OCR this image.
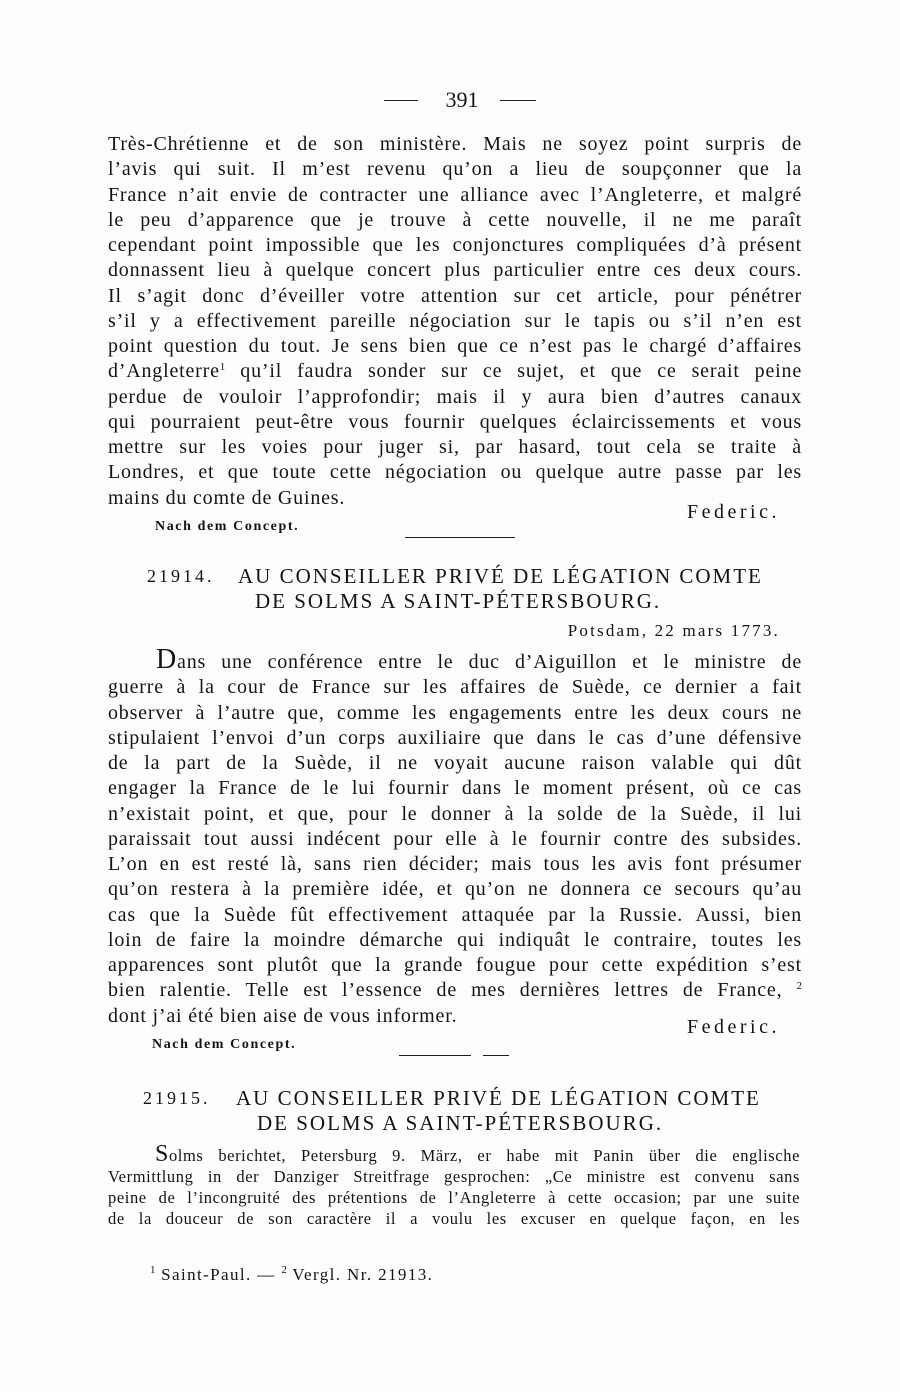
391
Très-Chrétienne et de son ministère. Mais ne soyez point surpris de
l’avis qui suit. Il m’est revenu qu’on a lieu de soupçonner que la
France n’ait envie de contracter une alliance avec l’Angleterre, et malgré
le peu d’apparence que je trouve à cette nouvelle, il ne me paraît
cependant point impossible que les conjonctures compliquées d’à présent
donnassent lieu à quelque concert plus particulier entre ces deux cours.
Il s’agit donc d’éveiller votre attention sur cet article, pour pénétrer
s’il y a effectivement pareille négociation sur le tapis ou s’il n’en est
point question du tout. Je sens bien que ce n’est pas le chargé d’affaires
d’Angleterre$^1$ qu’il faudra sonder sur ce sujet, et que ce serait peine
perdue de vouloir l’approfondir; mais il y aura bien d’autres canaux
qui pourraient peut-être vous fournir quelques éclaircissements et vous
mettre sur les voies pour juger si, par hasard, tout cela se traite à
Londres, et que toute cette négociation ou quelque autre passe par les
mains du comte de Guines.
Federic.
Nach dem Concept.
21914. AU CONSEILLER PRIVÉ DE LÉGATION COMTE
DE SOLMS A SAINT-PÉTERSBOURG.
Potsdam, 22 mars 1773.
Dans une conférence entre le duc d’Aiguillon et le ministre de
guerre à la cour de France sur les affaires de Suède, ce dernier a fait
observer à l’autre que, comme les engagements entre les deux cours ne
stipulaient l’envoi d’un corps auxiliaire que dans le cas d’une défensive
de la part de la Suède, il ne voyait aucune raison valable qui dût
engager la France de le lui fournir dans le moment présent, où ce cas
n’existait point, et que, pour le donner à la solde de la Suède, il lui
paraissait tout aussi indécent pour elle à le fournir contre des subsides.
L’on en est resté là, sans rien décider; mais tous les avis font présumer
qu’on restera à la première idée, et qu’on ne donnera ce secours qu’au
cas que la Suède fût effectivement attaquée par la Russie. Aussi, bien
loin de faire la moindre démarche qui indiquât le contraire, toutes les
apparences sont plutôt que la grande fougue pour cette expédition s’est
bien ralentie. Telle est l’essence de mes dernières lettres de France, $^2$
dont j’ai été bien aise de vous informer.
Federic.
Nach dem Concept.
21915. AU CONSEILLER PRIVÉ DE LÉGATION COMTE
DE SOLMS A SAINT-PÉTERSBOURG.
Solms berichtet, Petersburg 9. März, er habe mit Panin über die englische
Vermittlung in der Danziger Streitfrage gesprochen: „Ce ministre est convenu sans
peine de l’incongruité des prétentions de l’Angleterre à cette occasion; par une suite
de la douceur de son caractère il a voulu les excuser en quelque façon, en les
$^1$ Saint-Paul. — $^2$ Vergl. Nr. 21913.
